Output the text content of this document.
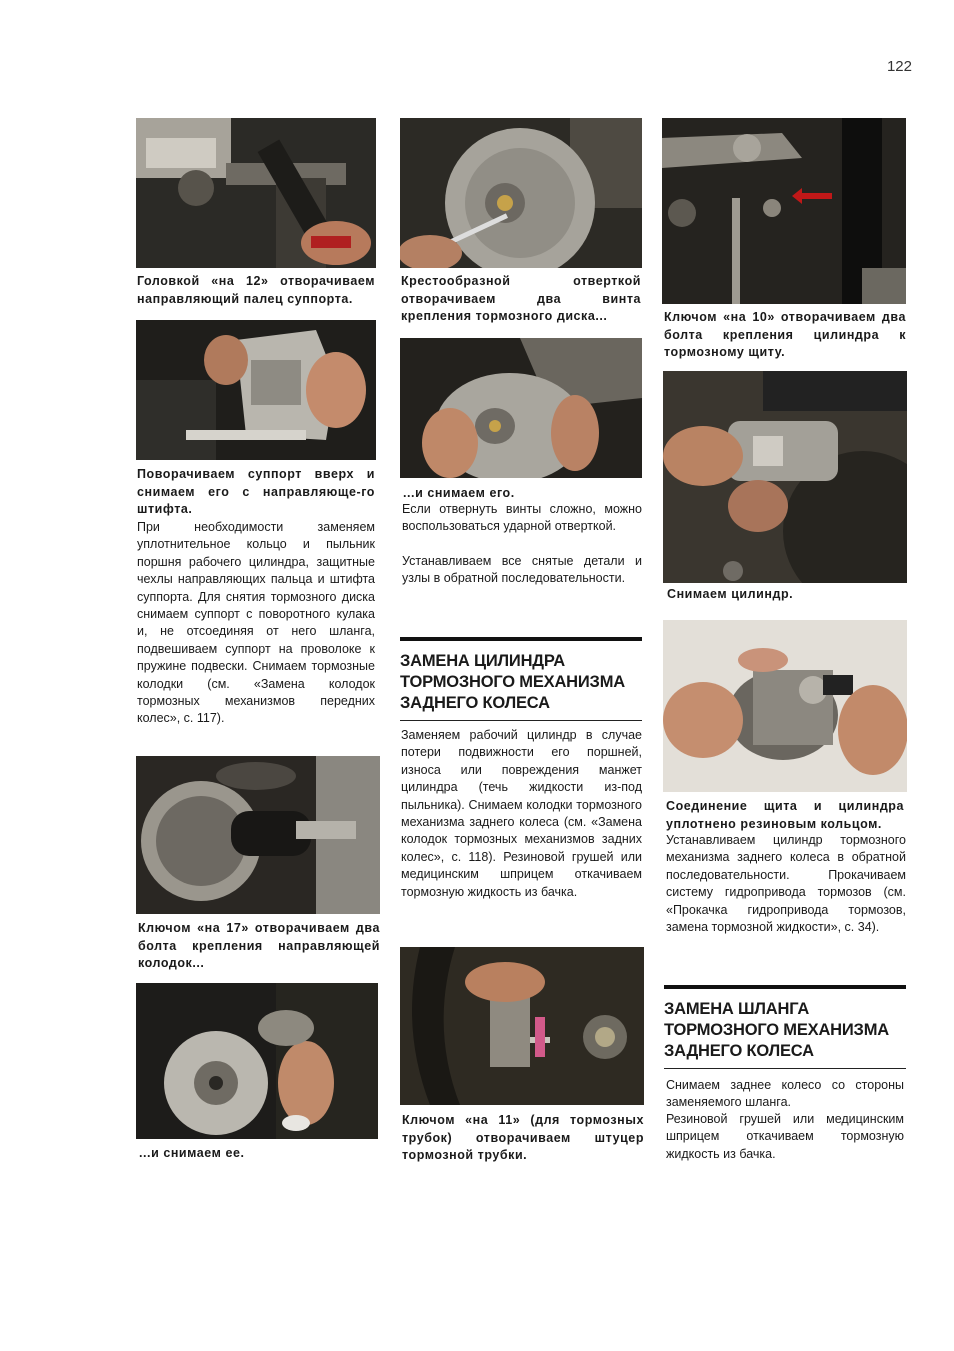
122
Головкой «на 12» отворачиваем направляющий палец суппорта.
Поворачиваем суппорт вверх и снимаем его с направляюще-го штифта.
При необходимости заменяем уплотнительное кольцо и пыльник поршня рабочего цилиндра, защитные чехлы направляющих пальца и штифта суппорта. Для снятия тормозного диска снимаем суппорт с поворотного кулака и, не отсоединяя от него шланга, подвешиваем суппорт на проволоке к пружине подвески. Снимаем тормозные колодки (см. «Замена колодок тормозных механизмов передних колес», с. 117).
Ключом «на 17» отворачиваем два болта крепления направляющей колодок...
...и снимаем ее.
Крестообразной отверткой отворачиваем два винта крепления тормозного диска...
...и снимаем его.
Если отвернуть винты сложно, можно воспользоваться ударной отверткой.
Устанавливаем все снятые детали и узлы в обратной последовательности.
ЗАМЕНА ЦИЛИНДРА ТОРМОЗНОГО МЕХАНИЗМА ЗАДНЕГО КОЛЕСА
Заменяем рабочий цилиндр в случае потери подвижности его поршней, износа или повреждения манжет цилиндра (течь жидкости из-под пыльника). Снимаем колодки тормозного механизма заднего колеса (см. «Замена колодок тормозных механизмов задних колес», с. 118). Резиновой грушей или медицинским шприцем откачиваем тормозную жидкость из бачка.
Ключом «на 11» (для тормозных трубок) отворачиваем штуцер тормозной трубки.
Ключом «на 10» отворачиваем два болта крепления цилиндра к тормозному щиту.
Снимаем цилиндр.
Соединение щита и цилиндра уплотнено резиновым кольцом.
Устанавливаем цилиндр тормозного механизма заднего колеса в обратной последовательности. Прокачиваем систему гидропривода тормозов (см. «Прокачка гидропривода тормозов, замена тормозной жидкости», с. 34).
ЗАМЕНА ШЛАНГА ТОРМОЗНОГО МЕХАНИЗМА ЗАДНЕГО КОЛЕСА
Снимаем заднее колесо со стороны заменяемого шланга.
Резиновой грушей или медицинским шприцем откачиваем тормозную жидкость из бачка.
